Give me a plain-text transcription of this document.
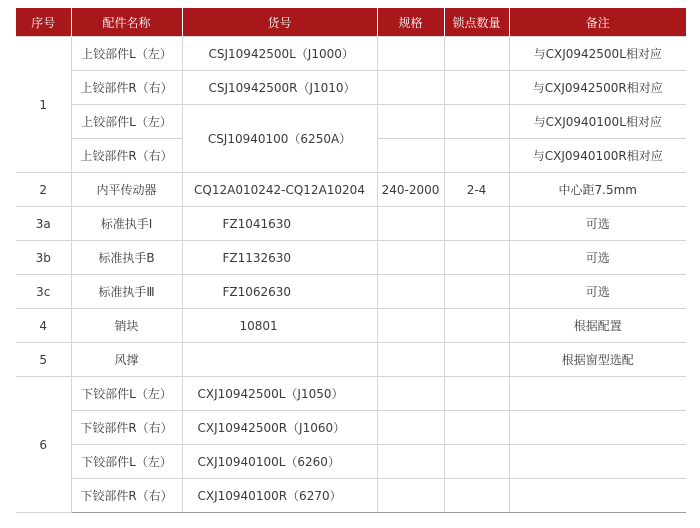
序号	配件名称	货号	规格	锁点数量	备注
1	上铰部件L（左）	CSJ10942500L（J1000）			与CXJ0942500L相对应
	上铰部件R（右）	CSJ10942500R（J1010）			与CXJ0942500R相对应
	上铰部件L（左）	CSJ10940100（6250A）			与CXJ0940100L相对应
	上铰部件R（右）				与CXJ0940100R相对应
2	内平传动器	CQ12A010242-CQ12A10204	240-2000	2-4	中心距7.5mm
3a	标准执手Ⅰ	FZ1041630			可选
3b	标准执手B	FZ1132630			可选
3c	标准执手Ⅲ	FZ1062630			可选
4	销块	10801			根据配置
5	风撑				根据窗型选配
6	下铰部件L（左）	CXJ10942500L（J1050）			
	下铰部件R（右）	CXJ10942500R（J1060）			
	下铰部件L（左）	CXJ10940100L（6260）			
	下铰部件R（右）	CXJ10940100R（6270）			
